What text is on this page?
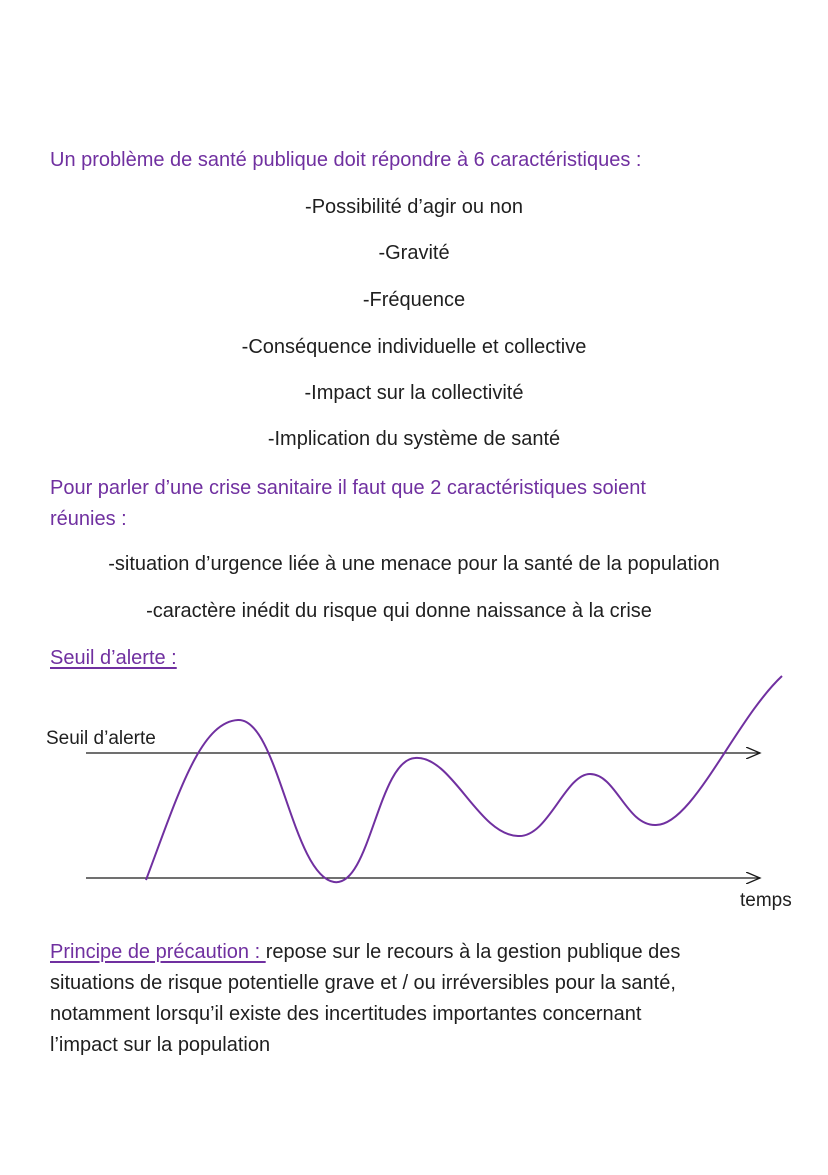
Un problème de santé publique doit répondre à 6 caractéristiques :
-Possibilité d’agir ou non
-Gravité
-Fréquence
-Conséquence individuelle et collective
-Impact sur la collectivité
-Implication du système de santé
Pour parler d’une crise sanitaire il faut que 2 caractéristiques soient
réunies :
-situation d’urgence liée à une menace pour la santé de la population
-caractère inédit du risque qui donne naissance à la crise
Seuil d’alerte :
Seuil d’alerte
temps
Principe de précaution : repose sur le recours à la gestion publique des
situations de risque potentielle grave et / ou irréversibles pour la santé,
notamment lorsqu’il existe des incertitudes importantes concernant
l’impact sur la population
